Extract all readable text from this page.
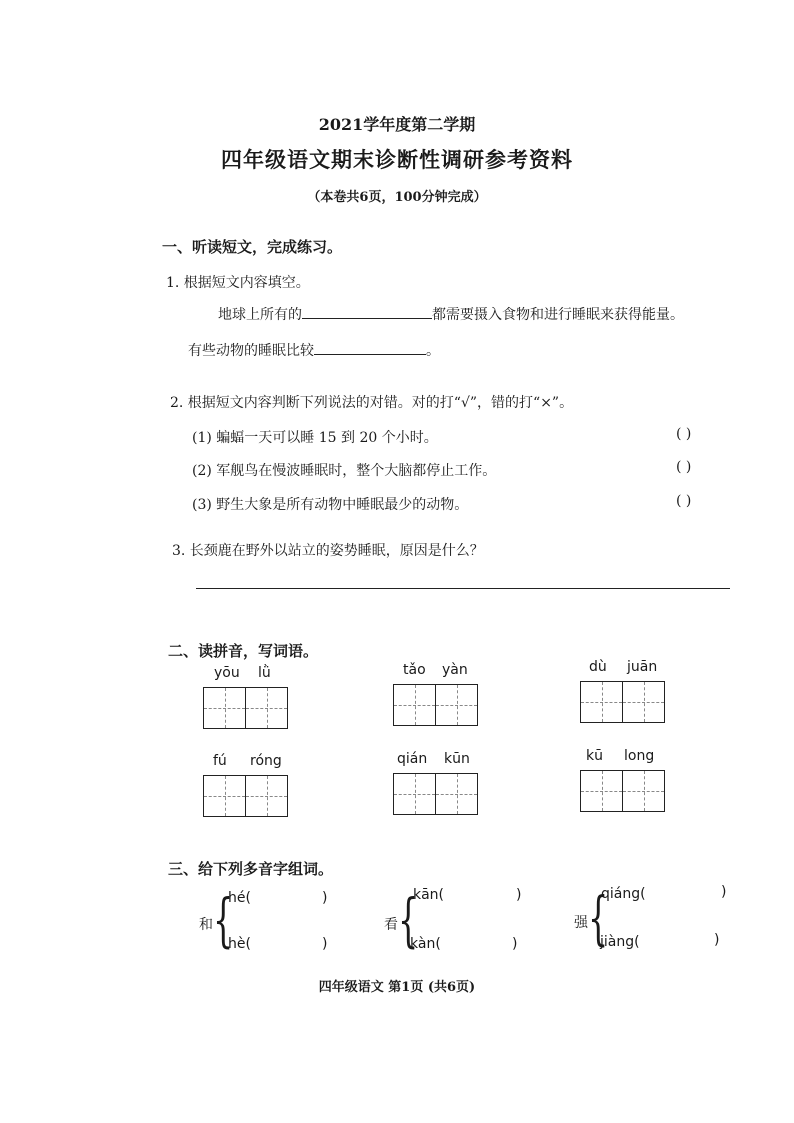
2021学年度第二学期
四年级语文期末诊断性调研参考资料
（本卷共6页，100分钟完成）
一、听读短文，完成练习。
1. 根据短文内容填空。
地球上所有的	都需要摄入食物和进行睡眠来获得能量。
有些动物的睡眠比较	。
2. 根据短文内容判断下列说法的对错。对的打“√”，错的打“×”。
(1) 蝙蝠一天可以睡 15 到 20 个小时。	( )
(2) 军舰鸟在慢波睡眠时，整个大脑都停止工作。	( )
(3) 野生大象是所有动物中睡眠最少的动物。	( )
3. 长颈鹿在野外以站立的姿势睡眠，原因是什么？
二、读拼音，写词语。
yōu lǜ	tǎo yàn	dù juān
fú róng	qián kūn	kū long
三、给下列多音字组词。
和 {
hé(	)
hè(	)
看 {
kān(	)
kàn(	)
强 {
qiáng(	)
jiàng(	)
四年级语文 第1页 (共6页)
